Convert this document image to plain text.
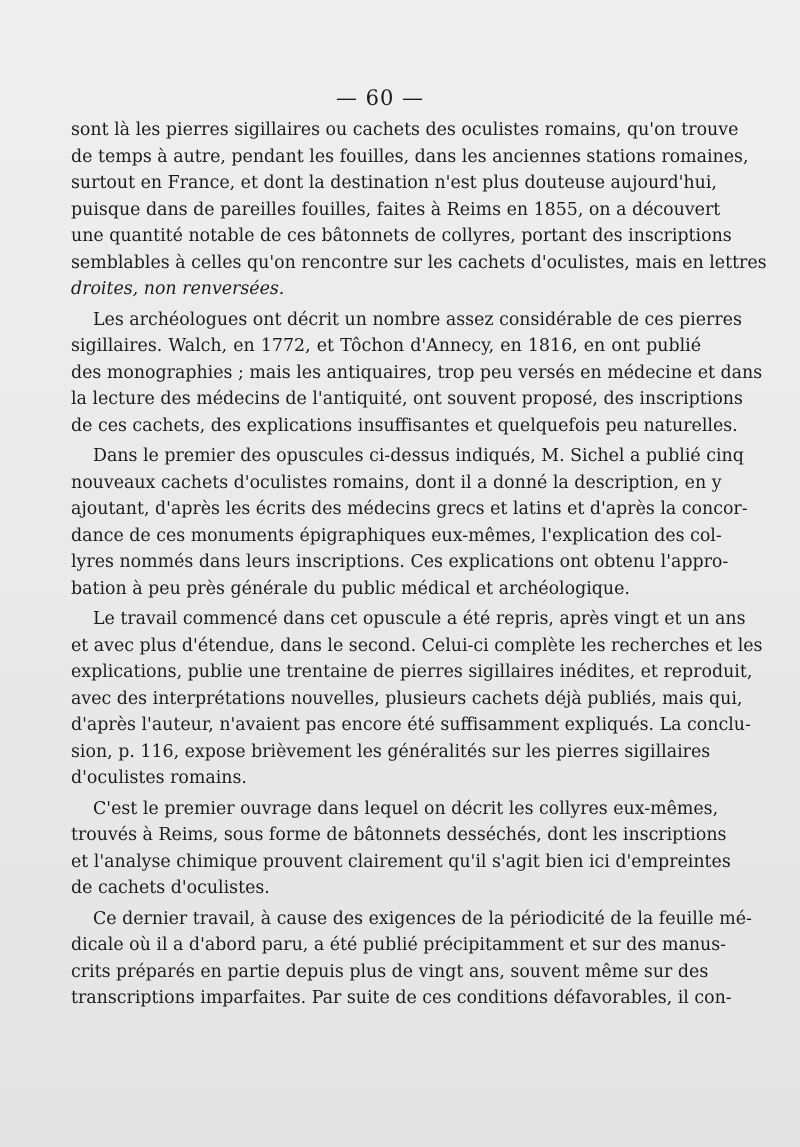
— 60 —
sont là les pierres sigillaires ou cachets des oculistes romains, qu'on trouve
de temps à autre, pendant les fouilles, dans les anciennes stations romaines,
surtout en France, et dont la destination n'est plus douteuse aujourd'hui,
puisque dans de pareilles fouilles, faites à Reims en 1855, on a découvert
une quantité notable de ces bâtonnets de collyres, portant des inscriptions
semblables à celles qu'on rencontre sur les cachets d'oculistes, mais en lettres
droites, non renversées.
Les archéologues ont décrit un nombre assez considérable de ces pierres
sigillaires. Walch, en 1772, et Tôchon d'Annecy, en 1816, en ont publié
des monographies ; mais les antiquaires, trop peu versés en médecine et dans
la lecture des médecins de l'antiquité, ont souvent proposé, des inscriptions
de ces cachets, des explications insuffisantes et quelquefois peu naturelles.
Dans le premier des opuscules ci-dessus indiqués, M. Sichel a publié cinq
nouveaux cachets d'oculistes romains, dont il a donné la description, en y
ajoutant, d'après les écrits des médecins grecs et latins et d'après la concor-
dance de ces monuments épigraphiques eux-mêmes, l'explication des col-
lyres nommés dans leurs inscriptions. Ces explications ont obtenu l'appro-
bation à peu près générale du public médical et archéologique.
Le travail commencé dans cet opuscule a été repris, après vingt et un ans
et avec plus d'étendue, dans le second. Celui-ci complète les recherches et les
explications, publie une trentaine de pierres sigillaires inédites, et reproduit,
avec des interprétations nouvelles, plusieurs cachets déjà publiés, mais qui,
d'après l'auteur, n'avaient pas encore été suffisamment expliqués. La conclu-
sion, p. 116, expose brièvement les généralités sur les pierres sigillaires
d'oculistes romains.
C'est le premier ouvrage dans lequel on décrit les collyres eux-mêmes,
trouvés à Reims, sous forme de bâtonnets desséchés, dont les inscriptions
et l'analyse chimique prouvent clairement qu'il s'agit bien ici d'empreintes
de cachets d'oculistes.
Ce dernier travail, à cause des exigences de la périodicité de la feuille mé-
dicale où il a d'abord paru, a été publié précipitamment et sur des manus-
crits préparés en partie depuis plus de vingt ans, souvent même sur des
transcriptions imparfaites. Par suite de ces conditions défavorables, il con-
